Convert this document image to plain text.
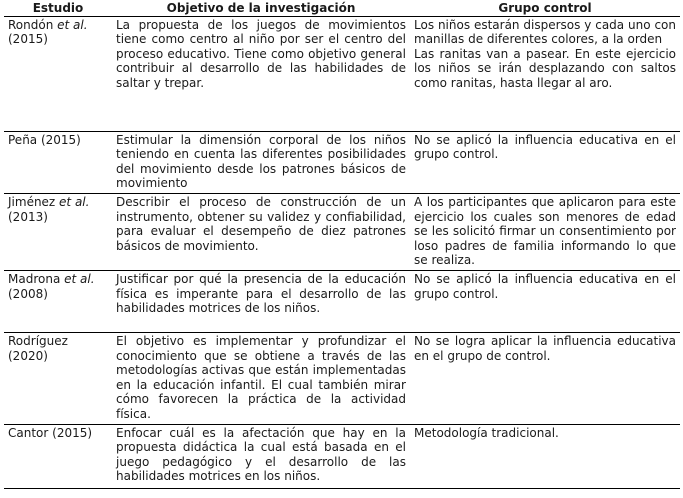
Estudio	Objetivo de la investigación	Grupo control
Rondón et al. (2015)	La propuesta de los juegos de movimientos tiene como centro al niño por ser el centro del proceso educativo. Tiene como objetivo general contribuir al desarrollo de las habilidades de saltar y trepar.	Los niños estarán dispersos y cada uno con manillas de diferentes colores, a la orden
Las ranitas van a pasear. En este ejercicio los niños se irán desplazando con saltos como ranitas, hasta llegar al aro.

Peña (2015)	Estimular la dimensión corporal de los niños teniendo en cuenta las diferentes posibilidades del movimiento desde los patrones básicos de movimiento	No se aplicó la influencia educativa en el grupo control.

Jiménez et al. (2013)	Describir el proceso de construcción de un instrumento, obtener su validez y confiabilidad, para evaluar el desempeño de diez patrones básicos de movimiento.	A los participantes que aplicaron para este ejercicio los cuales son menores de edad se les solicitó firmar un consentimiento por loso padres de familia informando lo que se realiza.

Madrona et al. (2008)	Justificar por qué la presencia de la educación física es imperante para el desarrollo de las habilidades motrices de los niños.	No se aplicó la influencia educativa en el grupo control.

Rodríguez (2020)	El objetivo es implementar y profundizar el conocimiento que se obtiene a través de las metodologías activas que están implementadas en la educación infantil. El cual también mirar cómo favorecen la práctica de la actividad física.	No se logra aplicar la influencia educativa en el grupo de control.

Cantor (2015)	Enfocar cuál es la afectación que hay en la propuesta didáctica la cual está basada en el juego pedagógico y el desarrollo de las habilidades motrices en los niños.	Metodología tradicional.
